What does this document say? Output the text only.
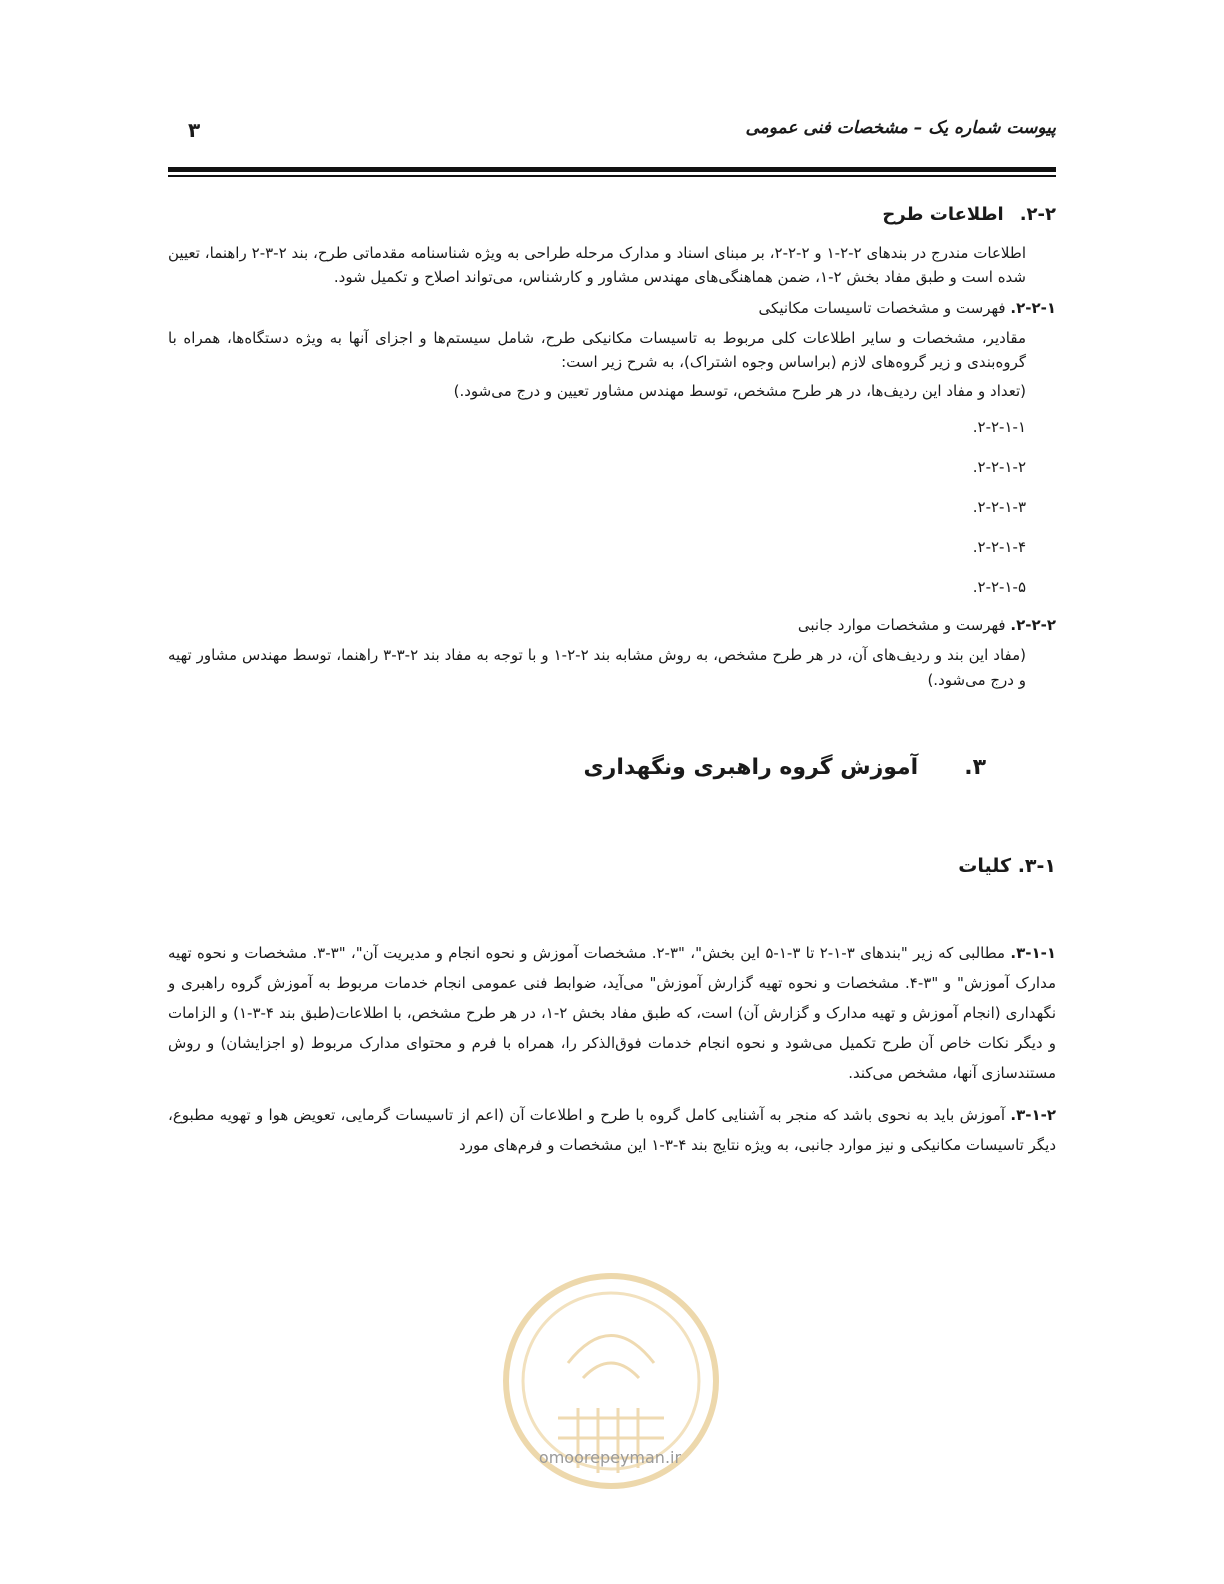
پیوست شماره یک – مشخصات فنی عمومی
۳
۲-۲.اطلاعات طرح

اطلاعات مندرج در بندهای ۲-۲-۱ و ۲-۲-۲، بر مبنای اسناد و مدارک مرحله طراحی به ویژه شناسنامه مقدماتی طرح، بند ۲-۳-۲ راهنما، تعیین شده است و طبق مفاد بخش ۲-۱، ضمن هماهنگی‌های مهندس مشاور و کارشناس، می‌تواند اصلاح و تکمیل شود.

۲-۲-۱. فهرست و مشخصات تاسیسات مکانیکی

مقادیر، مشخصات و سایر اطلاعات کلی مربوط به تاسیسات مکانیکی طرح، شامل سیستم‌ها و اجزای آنها به ویژه دستگاه‌ها، همراه با گروه‌بندی و زیر گروه‌های لازم (براساس وجوه اشتراک)، به شرح زیر است:

(تعداد و مفاد این ردیف‌ها، در هر طرح مشخص، توسط مهندس مشاور تعیین و درج می‌شود.)

۲-۲-۱-۱.
۲-۲-۱-۲.
۲-۲-۱-۳.
۲-۲-۱-۴.
۲-۲-۱-۵.
۲-۲-۲. فهرست و مشخصات موارد جانبی

(مفاد این بند و ردیف‌های آن، در هر طرح مشخص، به روش مشابه بند ۲-۲-۱ و با توجه به مفاد بند ۲-۳-۳ راهنما، توسط مهندس مشاور تهیه و درج می‌شود.)

۳.آموزش گروه راهبری ونگهداری
۳-۱. کلیات

۳-۱-۱. مطالبی که زیر "بندهای ۳-۱-۲ تا ۳-۱-۵ این بخش"، "۳-۲. مشخصات آموزش و نحوه انجام و مدیریت آن"، "۳-۳. مشخصات و نحوه تهیه مدارک آموزش" و "۳-۴. مشخصات و نحوه تهیه گزارش آموزش" می‌آید، ضوابط فنی عمومی انجام خدمات مربوط به آموزش گروه راهبری و نگهداری (انجام آموزش و تهیه مدارک و گزارش آن) است، که طبق مفاد بخش ۲-۱، در هر طرح مشخص، با اطلاعات(طبق بند ۴-۳-۱) و الزامات و دیگر نکات خاص آن طرح تکمیل می‌شود و نحوه انجام خدمات فوق‌الذکر را، همراه با فرم و محتوای مدارک مربوط (و اجزایشان) و روش مستندسازی آنها، مشخص می‌کند.

۳-۱-۲. آموزش باید به نحوی باشد که منجر به آشنایی کامل گروه با طرح و اطلاعات آن (اعم از تاسیسات گرمایی، تعویض هوا و تهویه مطبوع، دیگر تاسیسات مکانیکی و نیز موارد جانبی، به ویژه نتایج بند ۴-۳-۱ این مشخصات و فرم‌های مورد

omoorepeyman.ir
